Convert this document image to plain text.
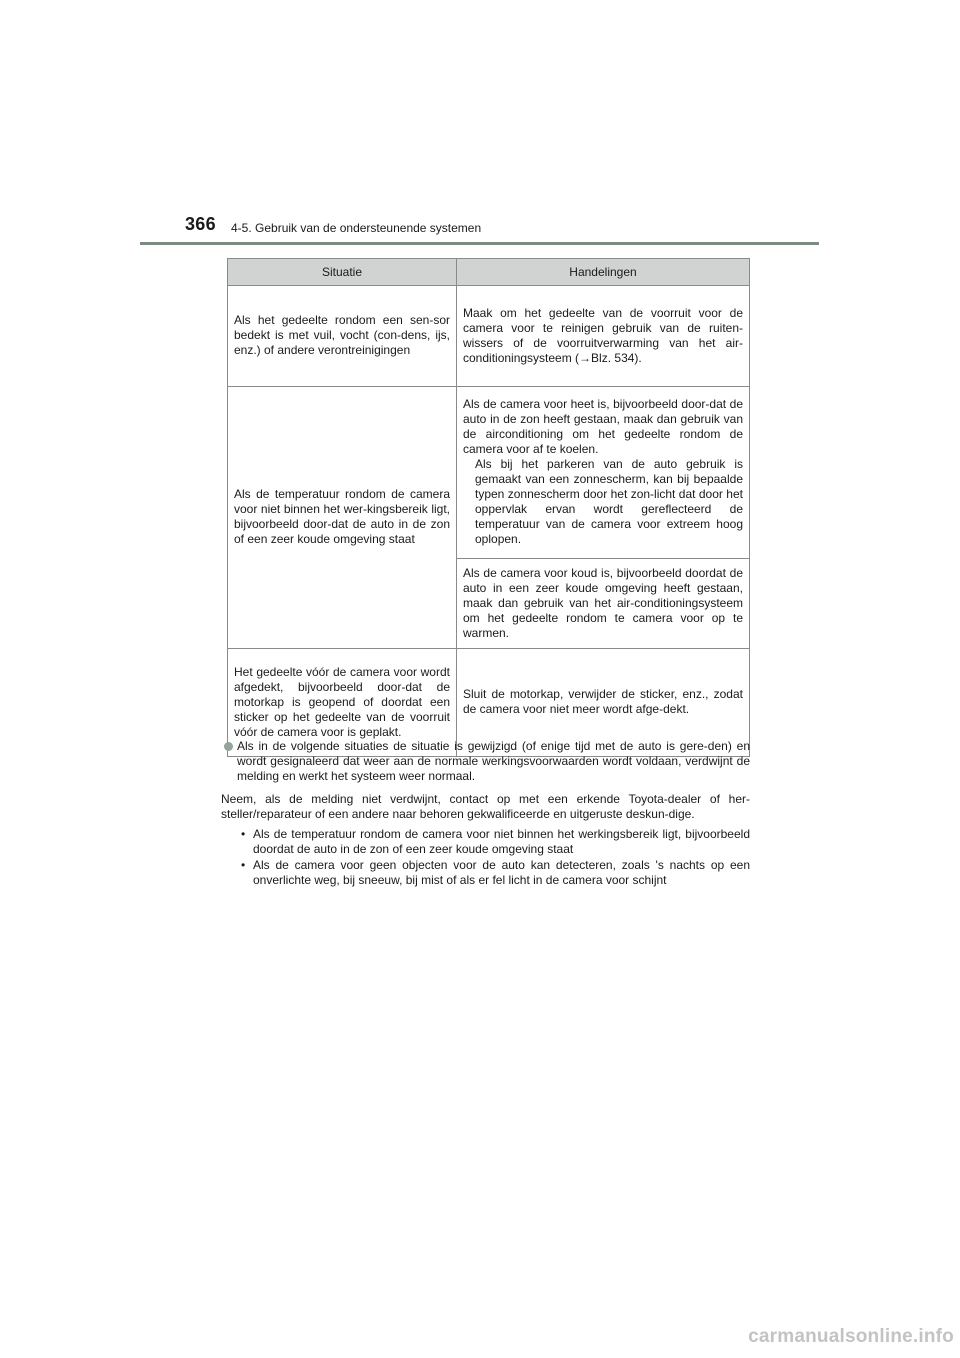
366 4-5. Gebruik van de ondersteunende systemen
Situatie	Handelingen
Als het gedeelte rondom een sen-sor bedekt is met vuil, vocht (con-dens, ijs, enz.) of andere verontreinigingen	Maak om het gedeelte van de voorruit voor de camera voor te reinigen gebruik van de ruiten-wissers of de voorruitverwarming van het air-conditioningsysteem (→Blz. 534).
Als de temperatuur rondom de camera voor niet binnen het wer-kingsbereik ligt, bijvoorbeeld door-dat de auto in de zon of een zeer koude omgeving staat	Als de camera voor heet is, bijvoorbeeld door-dat de auto in de zon heeft gestaan, maak dan gebruik van de airconditioning om het gedeelte rondom de camera voor af te koelen.
Als bij het parkeren van de auto gebruik is gemaakt van een zonnescherm, kan bij bepaalde typen zonnescherm door het zon-licht dat door het oppervlak ervan wordt gereflecteerd de temperatuur van de camera voor extreem hoog oplopen.

	Als de camera voor koud is, bijvoorbeeld doordat de auto in een zeer koude omgeving heeft gestaan, maak dan gebruik van het air-conditioningsysteem om het gedeelte rondom te camera voor op te warmen.
Het gedeelte vóór de camera voor wordt afgedekt, bijvoorbeeld door-dat de motorkap is geopend of doordat een sticker op het gedeelte van de voorruit vóór de camera voor is geplakt.	Sluit de motorkap, verwijder de sticker, enz., zodat de camera voor niet meer wordt afge-dekt.

Als in de volgende situaties de situatie is gewijzigd (of enige tijd met de auto is gere-den) en wordt gesignaleerd dat weer aan de normale werkingsvoorwaarden wordt voldaan, verdwijnt de melding en werkt het systeem weer normaal.

Neem, als de melding niet verdwijnt, contact op met een erkende Toyota-dealer of her-steller/reparateur of een andere naar behoren gekwalificeerde en uitgeruste deskun-dige.

• Als de temperatuur rondom de camera voor niet binnen het werkingsbereik ligt, bijvoorbeeld doordat de auto in de zon of een zeer koude omgeving staat
• Als de camera voor geen objecten voor de auto kan detecteren, zoals 's nachts op een onverlichte weg, bij sneeuw, bij mist of als er fel licht in de camera voor schijnt
carmanualsonline.info
